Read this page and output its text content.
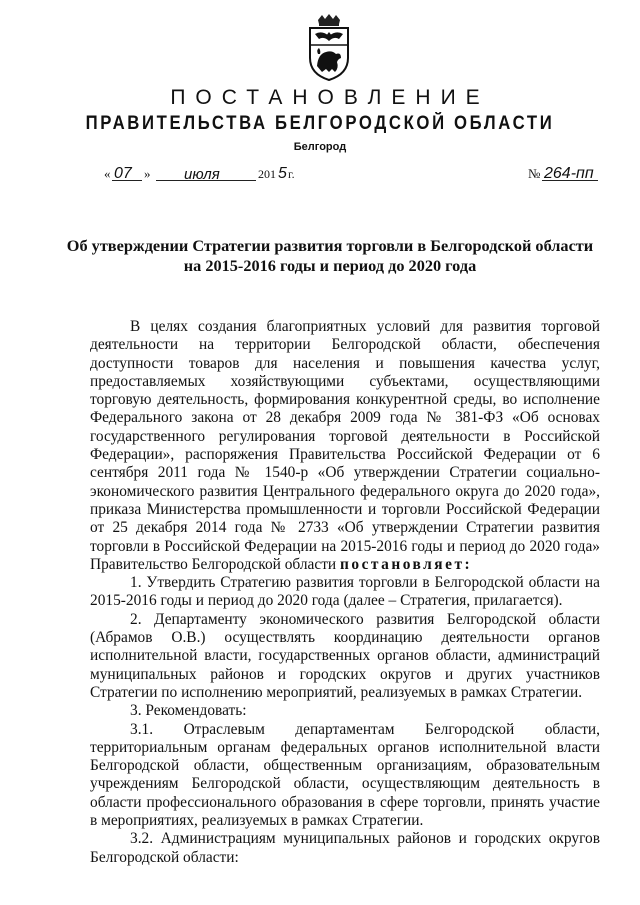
ПОСТАНОВЛЕНИЕ
ПРАВИТЕЛЬСТВА БЕЛГОРОДСКОЙ ОБЛАСТИ
Белгород
« 07 » июля	201 5 г.	№ 264-пп
Об утверждении Стратегии развития торговли в Белгородской области
на 2015-2016 годы и период до 2020 года

В целях создания благоприятных условий для развития торговой деятельности на территории Белгородской области, обеспечения доступности товаров для населения и повышения качества услуг, предоставляемых хозяйствующими субъектами, осуществляющими торговую деятельность, формирования конкурентной среды, во исполнение Федерального закона от 28 декабря 2009 года № 381-ФЗ «Об основах государственного регулирования торговой деятельности в Российской Федерации», распоряжения Правительства Российской Федерации от 6 сентября 2011 года № 1540-р «Об утверждении Стратегии социально-экономического развития Центрального федерального округа до 2020 года», приказа Министерства промышленности и торговли Российской Федерации от 25 декабря 2014 года № 2733 «Об утверждении Стратегии развития торговли в Российской Федерации на 2015-2016 годы и период до 2020 года» Правительство Белгородской области постановляет:

1. Утвердить Стратегию развития торговли в Белгородской области на 2015-2016 годы и период до 2020 года (далее – Стратегия, прилагается).

2. Департаменту экономического развития Белгородской области (Абрамов О.В.) осуществлять координацию деятельности органов исполнительной власти, государственных органов области, администраций муниципальных районов и городских округов и других участников Стратегии по исполнению мероприятий, реализуемых в рамках Стратегии.

3. Рекомендовать:

3.1. Отраслевым департаментам Белгородской области, территориальным органам федеральных органов исполнительной власти Белгородской области, общественным организациям, образовательным учреждениям Белгородской области, осуществляющим деятельность в области профессионального образования в сфере торговли, принять участие в мероприятиях, реализуемых в рамках Стратегии.

3.2. Администрациям муниципальных районов и городских округов Белгородской области:
